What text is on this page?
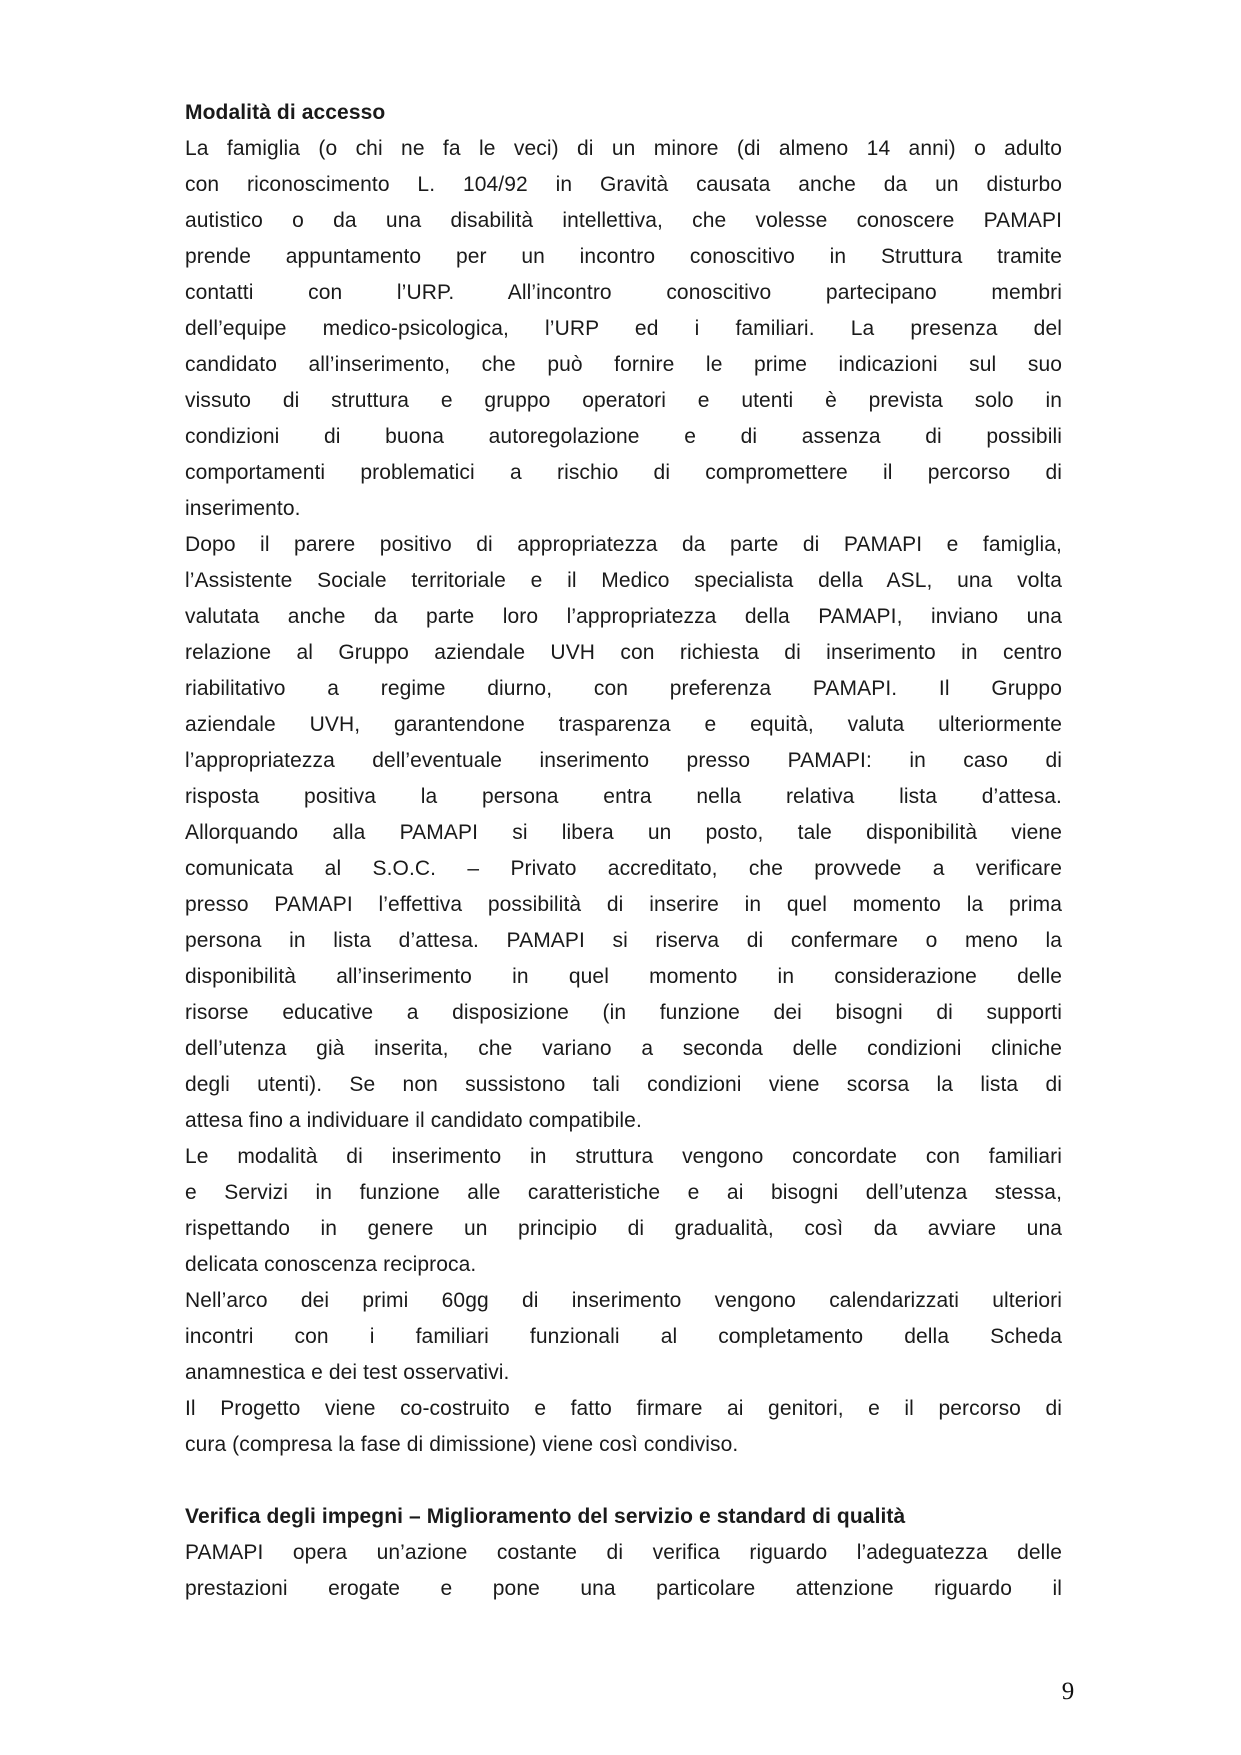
Modalità di accesso
La famiglia (o chi ne fa le veci) di un minore (di almeno 14 anni) o adulto
con riconoscimento L. 104/92 in Gravità causata anche da un disturbo
autistico o da una disabilità intellettiva, che volesse conoscere PAMAPI
prende appuntamento per un incontro conoscitivo in Struttura tramite
contatti con l’URP. All’incontro conoscitivo partecipano membri
dell’equipe medico-psicologica, l’URP ed i familiari. La presenza del
candidato all’inserimento, che può fornire le prime indicazioni sul suo
vissuto di struttura e gruppo operatori e utenti è prevista solo in
condizioni di buona autoregolazione e di assenza di possibili
comportamenti problematici a rischio di compromettere il percorso di
inserimento.
Dopo il parere positivo di appropriatezza da parte di PAMAPI e famiglia,
l’Assistente Sociale territoriale e il Medico specialista della ASL, una volta
valutata anche da parte loro l’appropriatezza della PAMAPI, inviano una
relazione al Gruppo aziendale UVH con richiesta di inserimento in centro
riabilitativo a regime diurno, con preferenza PAMAPI. Il Gruppo
aziendale UVH, garantendone trasparenza e equità, valuta ulteriormente
l’appropriatezza dell’eventuale inserimento presso PAMAPI: in caso di
risposta positiva la persona entra nella relativa lista d’attesa.
Allorquando alla PAMAPI si libera un posto, tale disponibilità viene
comunicata al S.O.C. – Privato accreditato, che provvede a verificare
presso PAMAPI l’effettiva possibilità di inserire in quel momento la prima
persona in lista d’attesa. PAMAPI si riserva di confermare o meno la
disponibilità all’inserimento in quel momento in considerazione delle
risorse educative a disposizione (in funzione dei bisogni di supporti
dell’utenza già inserita, che variano a seconda delle condizioni cliniche
degli utenti). Se non sussistono tali condizioni viene scorsa la lista di
attesa fino a individuare il candidato compatibile.
Le modalità di inserimento in struttura vengono concordate con familiari
e Servizi in funzione alle caratteristiche e ai bisogni dell’utenza stessa,
rispettando in genere un principio di gradualità, così da avviare una
delicata conoscenza reciproca.
Nell’arco dei primi 60gg di inserimento vengono calendarizzati ulteriori
incontri con i familiari funzionali al completamento della Scheda
anamnestica e dei test osservativi.
Il Progetto viene co-costruito e fatto firmare ai genitori, e il percorso di
cura (compresa la fase di dimissione) viene così condiviso.
Verifica degli impegni – Miglioramento del servizio e standard di qualità
PAMAPI opera un’azione costante di verifica riguardo l’adeguatezza delle
prestazioni erogate e pone una particolare attenzione riguardo il
9
